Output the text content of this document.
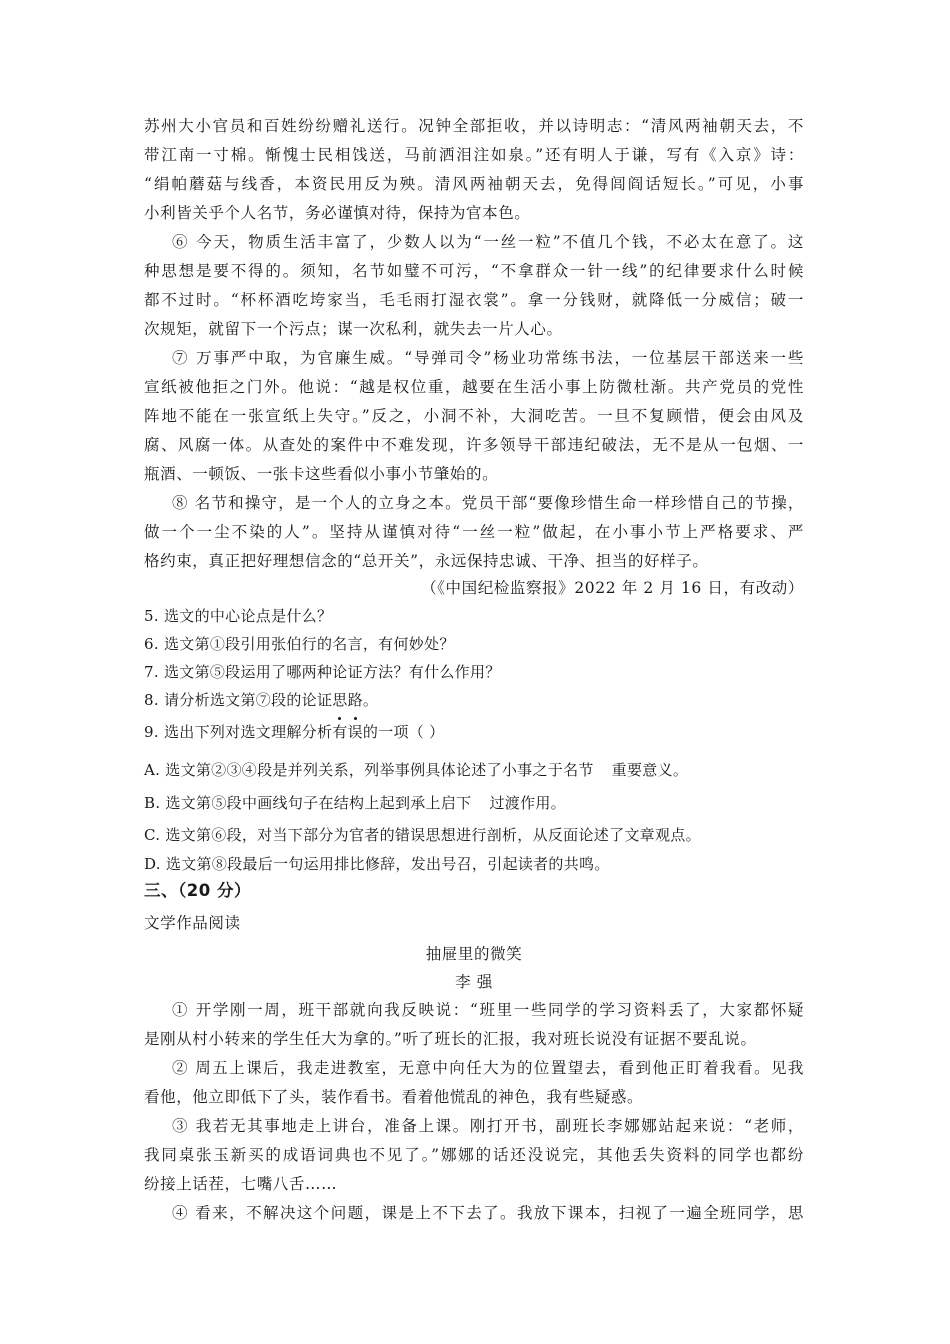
苏州大小官员和百姓纷纷赠礼送行。况钟全部拒收，并以诗明志：“清风两袖朝天去，不
带江南一寸棉。惭愧士民相饯送，马前洒泪注如泉。”还有明人于谦，写有《入京》诗：
“绢帕蘑菇与线香，本资民用反为殃。清风两袖朝天去，免得闾阎话短长。”可见，小事
小利皆关乎个人名节，务必谨慎对待，保持为官本色。
⑥ 今天，物质生活丰富了，少数人以为“一丝一粒”不值几个钱，不必太在意了。这
种思想是要不得的。须知，名节如璧不可污，“不拿群众一针一线”的纪律要求什么时候
都不过时。“杯杯酒吃垮家当，毛毛雨打湿衣裳”。拿一分钱财，就降低一分威信；破一
次规矩，就留下一个污点；谋一次私利，就失去一片人心。
⑦ 万事严中取，为官廉生威。“导弹司令”杨业功常练书法，一位基层干部送来一些
宣纸被他拒之门外。他说：“越是权位重，越要在生活小事上防微杜渐。共产党员的党性
阵地不能在一张宣纸上失守。”反之，小洞不补，大洞吃苦。一旦不复顾惜，便会由风及
腐、风腐一体。从查处的案件中不难发现，许多领导干部违纪破法，无不是从一包烟、一
瓶酒、一顿饭、一张卡这些看似小事小节肇始的。
⑧ 名节和操守，是一个人的立身之本。党员干部“要像珍惜生命一样珍惜自己的节操，
做一个一尘不染的人”。坚持从谨慎对待“一丝一粒”做起，在小事小节上严格要求、严
格约束，真正把好理想信念的“总开关”，永远保持忠诚、干净、担当的好样子。
（《中国纪检监察报》2022 年 2 月 16 日，有改动）
5. 选文的中心论点是什么？
6. 选文第①段引用张伯行的名言，有何妙处？
7. 选文第⑤段运用了哪两种论证方法？有什么作用？
8. 请分析选文第⑦段的论证思路。
9. 选出下列对选文理解分析有误的一项（ ）
A. 选文第②③④段是并列关系，列举事例具体论述了小事之于名节 重要意义。
B. 选文第⑤段中画线句子在结构上起到承上启下 过渡作用。
C. 选文第⑥段，对当下部分为官者的错误思想进行剖析，从反面论述了文章观点。
D. 选文第⑧段最后一句运用排比修辞，发出号召，引起读者的共鸣。
三、（20 分）
文学作品阅读
抽屉里的微笑
李 强
① 开学刚一周，班干部就向我反映说：“班里一些同学的学习资料丢了，大家都怀疑
是刚从村小转来的学生任大为拿的。”听了班长的汇报，我对班长说没有证据不要乱说。
② 周五上课后，我走进教室，无意中向任大为的位置望去，看到他正盯着我看。见我
看他，他立即低下了头，装作看书。看着他慌乱的神色，我有些疑惑。
③ 我若无其事地走上讲台，准备上课。刚打开书，副班长李娜娜站起来说：“老师，
我同桌张玉新买的成语词典也不见了。”娜娜的话还没说完，其他丢失资料的同学也都纷
纷接上话茬，七嘴八舌……
④ 看来，不解决这个问题，课是上不下去了。我放下课本，扫视了一遍全班同学，思
